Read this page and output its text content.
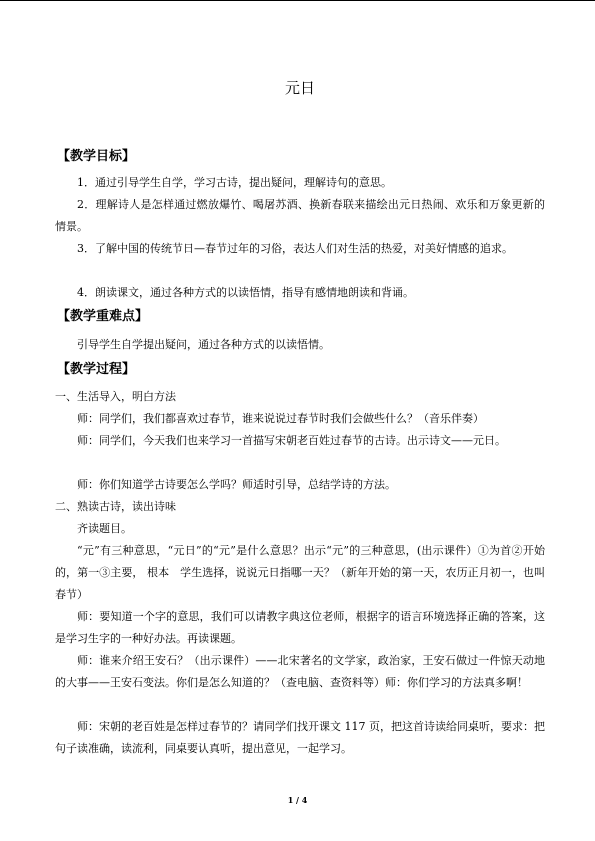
元日
【教学目标】
1．通过引导学生自学，学习古诗，提出疑问，理解诗句的意思。
2．理解诗人是怎样通过燃放爆竹、喝屠苏酒、换新春联来描绘出元日热闹、欢乐和万象更新的情景。
3．了解中国的传统节日—春节过年的习俗，表达人们对生活的热爱，对美好情感的追求。
4．朗读课文，通过各种方式的以读悟情，指导有感情地朗读和背诵。
【教学重难点】
引导学生自学提出疑问，通过各种方式的以读悟情。
【教学过程】
一、生活导入，明白方法
师：同学们，我们都喜欢过春节，谁来说说过春节时我们会做些什么？（音乐伴奏）
师：同学们，今天我们也来学习一首描写宋朝老百姓过春节的古诗。出示诗文——元日。
师：你们知道学古诗要怎么学吗？师适时引导，总结学诗的方法。
二、熟读古诗，读出诗味
齐读题目。
“元”有三种意思，“元日”的“元”是什么意思？出示“元”的三种意思，(出示课件）①为首②开始的，第一③主要， 根本　学生选择，说说元日指哪一天？（新年开始的第一天，农历正月初一，也叫春节）
师：要知道一个字的意思，我们可以请教字典这位老师，根据字的语言环境选择正确的答案，这是学习生字的一种好办法。再读课题。
师：谁来介绍王安石？（出示课件）——北宋著名的文学家，政治家，王安石做过一件惊天动地的大事——王安石变法。你们是怎么知道的？（查电脑、查资料等）师：你们学习的方法真多啊！
师：宋朝的老百姓是怎样过春节的？请同学们找开课文 117 页，把这首诗读给同桌听，要求：把句子读准确，读流利，同桌要认真听，提出意见，一起学习。
1 / 4
